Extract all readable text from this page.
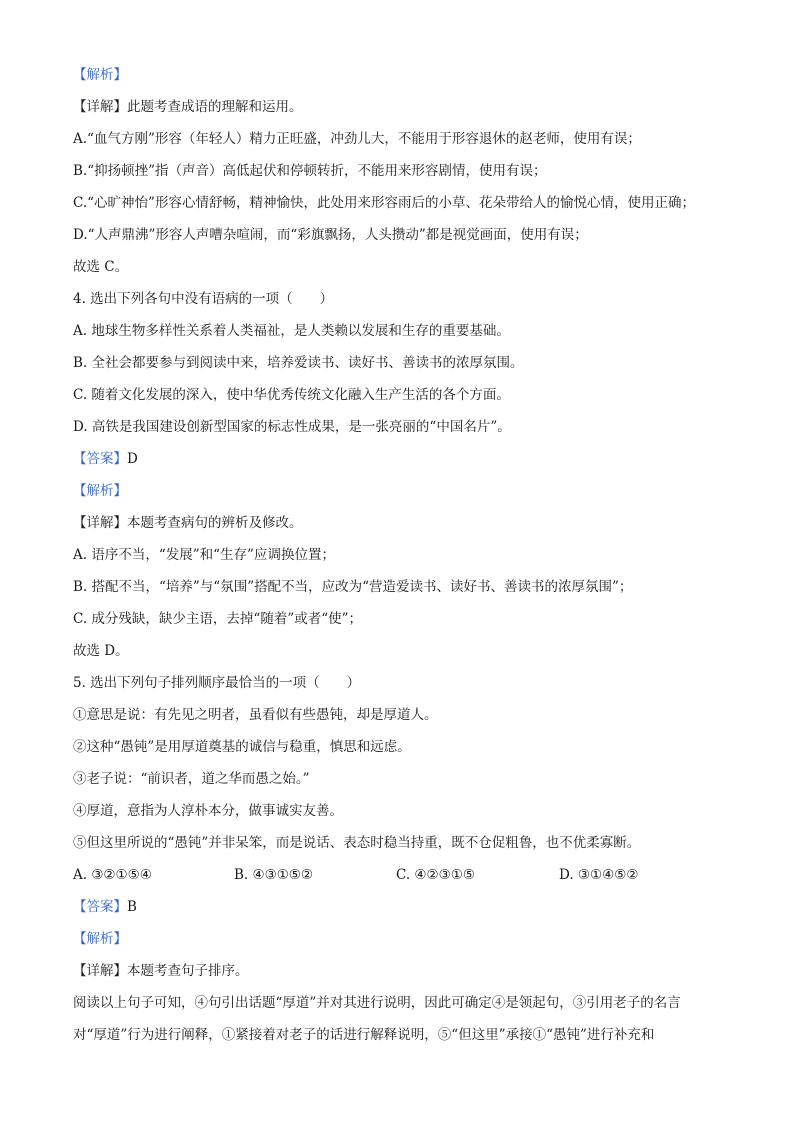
【解析】
【详解】此题考查成语的理解和运用。
A.“血气方刚”形容（年轻人）精力正旺盛，冲劲儿大，不能用于形容退休的赵老师，使用有误；
B.“抑扬顿挫”指（声音）高低起伏和停顿转折，不能用来形容剧情，使用有误；
C.“心旷神怡”形容心情舒畅，精神愉快，此处用来形容雨后的小草、花朵带给人的愉悦心情，使用正确；
D.“人声鼎沸”形容人声嘈杂喧闹，而“彩旗飘扬，人头攒动”都是视觉画面，使用有误；
故选 C。
4. 选出下列各句中没有语病的一项（　　）
A. 地球生物多样性关系着人类福祉，是人类赖以发展和生存的重要基础。
B. 全社会都要参与到阅读中来，培养爱读书、读好书、善读书的浓厚氛围。
C. 随着文化发展的深入，使中华优秀传统文化融入生产生活的各个方面。
D. 高铁是我国建设创新型国家的标志性成果，是一张亮丽的“中国名片”。
【答案】D
【解析】
【详解】本题考查病句的辨析及修改。
A. 语序不当，“发展”和“生存”应调换位置；
B. 搭配不当，“培养”与“氛围”搭配不当，应改为“营造爱读书、读好书、善读书的浓厚氛围”；
C. 成分残缺，缺少主语，去掉“随着”或者“使”；
故选 D。
5. 选出下列句子排列顺序最恰当的一项（　　）
①意思是说：有先见之明者，虽看似有些愚钝，却是厚道人。
②这种“愚钝”是用厚道奠基的诚信与稳重，慎思和远虑。
③老子说：“前识者，道之华而愚之始。”
④厚道，意指为人淳朴本分，做事诚实友善。
⑤但这里所说的“愚钝”并非呆笨，而是说话、表态时稳当持重，既不仓促粗鲁，也不优柔寡断。
A. ③②①⑤④	B. ④③①⑤②	C. ④②③①⑤	D. ③①④⑤②
【答案】B
【解析】
【详解】本题考查句子排序。
阅读以上句子可知，④句引出话题“厚道”并对其进行说明，因此可确定④是领起句，③引用老子的名言
对“厚道”行为进行阐释，①紧接着对老子的话进行解释说明，⑤“但这里”承接①“愚钝”进行补充和
